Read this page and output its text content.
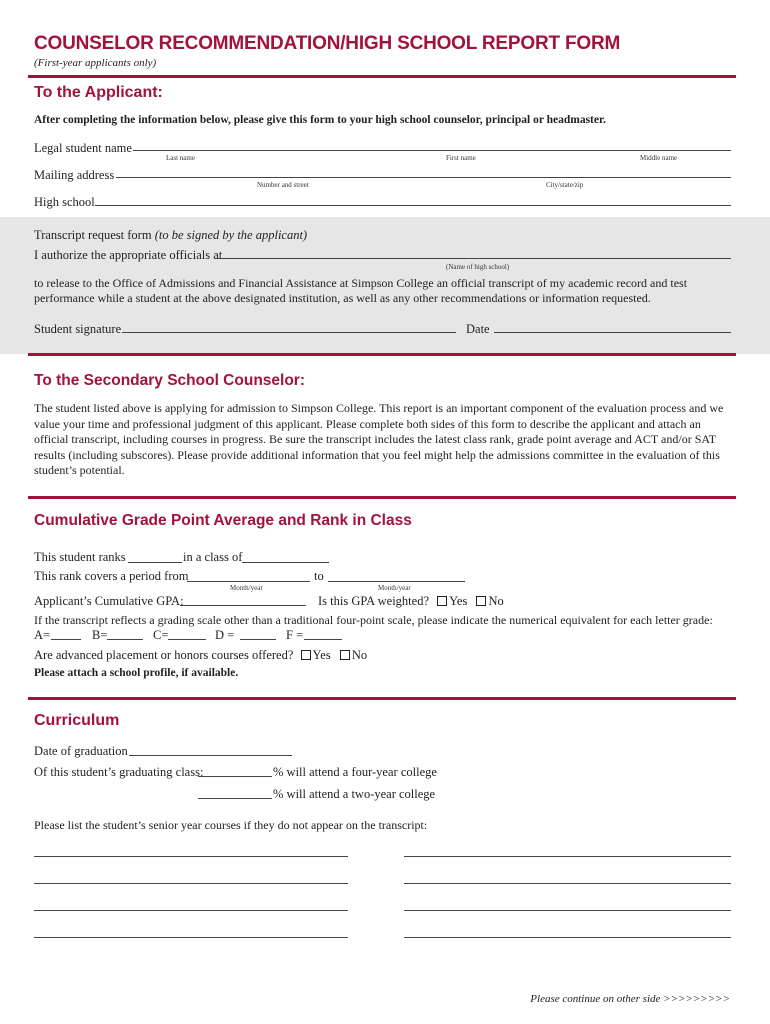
COUNSELOR RECOMMENDATION/HIGH SCHOOL REPORT FORM
(First-year applicants only)
To the Applicant:
After completing the information below, please give this form to your high school counselor, principal or headmaster.
Legal student name
Last name	First name	Middle name
Mailing address
Number and street	City/state/zip
High school
Transcript request form (to be signed by the applicant)
I authorize the appropriate officials at
(Name of high school)
to release to the Office of Admissions and Financial Assistance at Simpson College an official transcript of my academic record and test performance while a student at the above designated institution, as well as any other recommendations or information requested.
Student signature	Date
To the Secondary School Counselor:
The student listed above is applying for admission to Simpson College. This report is an important component of the evaluation process and we value your time and professional judgment of this applicant. Please complete both sides of this form to describe the applicant and attach an official transcript, including courses in progress. Be sure the transcript includes the latest class rank, grade point average and ACT and/or SAT results (including subscores). Please provide additional information that you feel might help the admissions committee in the evaluation of this student’s potential.
Cumulative Grade Point Average and Rank in Class
This student ranks	in a class of
This rank covers a period from	to
Month/year	Month/year
Applicant’s Cumulative GPA:	Is this GPA weighted? Yes No
If the transcript reflects a grading scale other than a traditional four-point scale, please indicate the numerical equivalent for each letter grade:
A=	B=	C=	D =	F =
Are advanced placement or honors courses offered? Yes No
Please attach a school profile, if available.
Curriculum
Date of graduation
Of this student’s graduating class:	% will attend a four-year college
% will attend a two-year college
Please list the student’s senior year courses if they do not appear on the transcript:
Please continue on other side >>>>>>>>>
